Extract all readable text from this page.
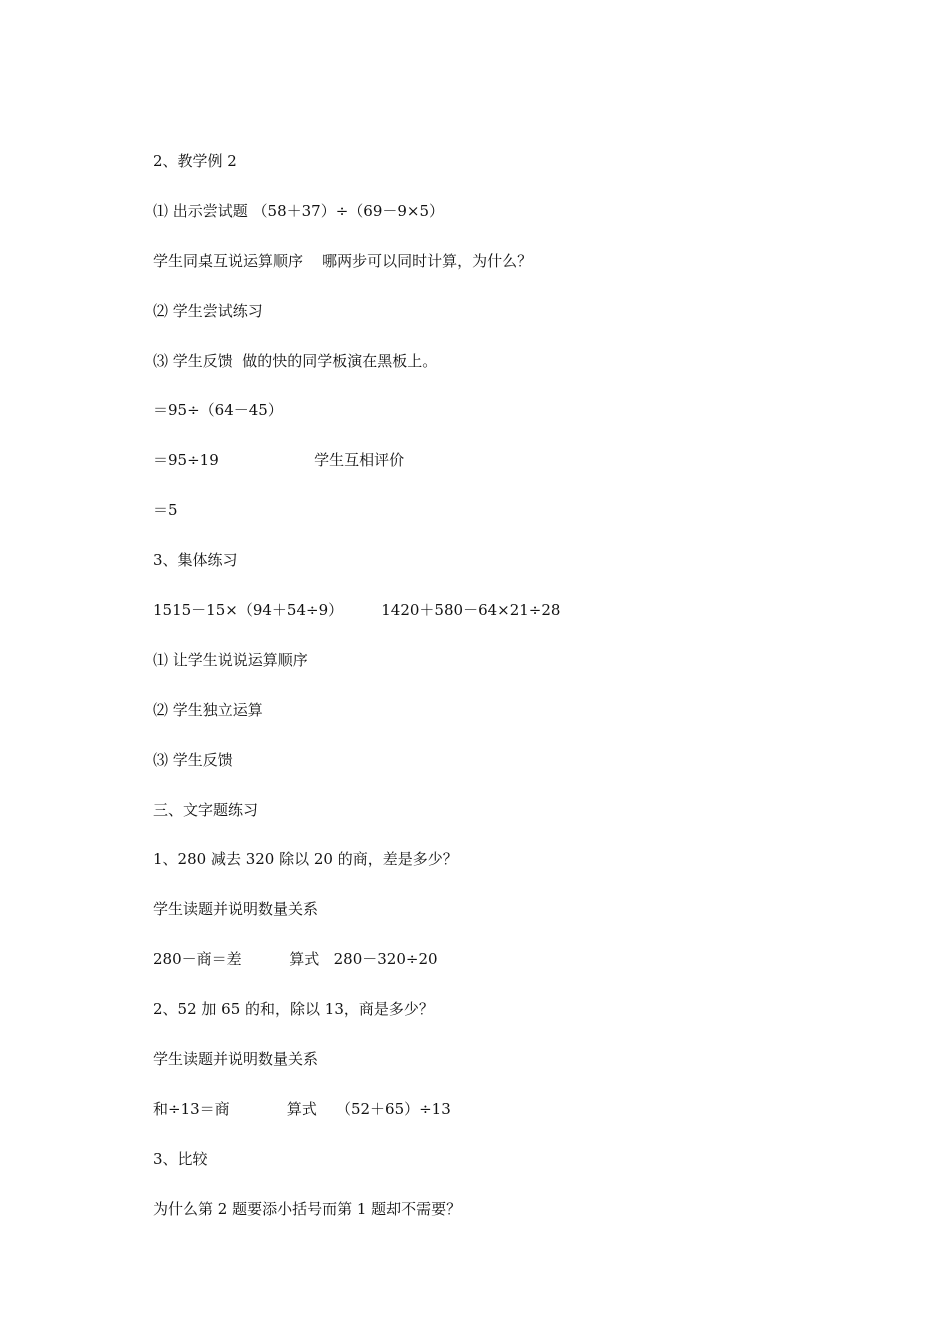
2、教学例 2

⑴ 出示尝试题 （58＋37）÷（69－9×5）

学生同桌互说运算顺序    哪两步可以同时计算，为什么？

⑵ 学生尝试练习

⑶ 学生反馈  做的快的同学板演在黑板上。

＝95÷（64－45）

＝95÷19                    学生互相评价

＝5

3、集体练习

1515－15×（94＋54÷9）        1420＋580－64×21÷28

⑴ 让学生说说运算顺序

⑵ 学生独立运算

⑶ 学生反馈

三、文字题练习

1、280 减去 320 除以 20 的商，差是多少？

学生读题并说明数量关系

280－商＝差          算式   280－320÷20

2、52 加 65 的和，除以 13，商是多少？

学生读题并说明数量关系

和÷13＝商            算式    （52＋65）÷13

3、比较

为什么第 2 题要添小括号而第 1 题却不需要？
